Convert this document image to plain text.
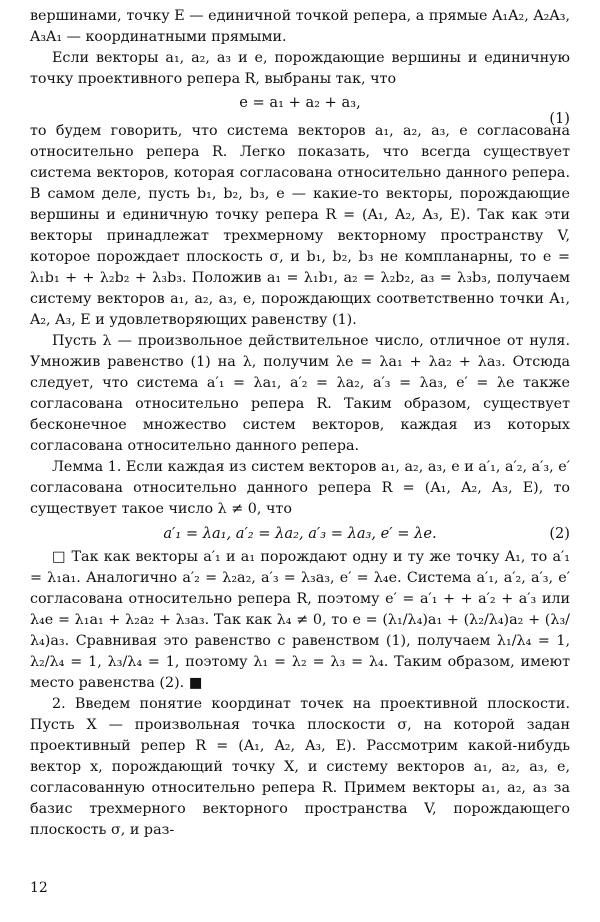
вершинами, точку E — единичной точкой репера, а прямые A₁A₂, A₂A₃, A₃A₁ — координатными прямыми.

Если векторы a₁, a₂, a₃ и e, порождающие вершины и единичную точку проективного репера R, выбраны так, что

e = a₁ + a₂ + a₃,
(1)

то будем говорить, что система векторов a₁, a₂, a₃, e согласована относительно репера R. Легко показать, что всегда существует система векторов, которая согласована относительно данного репера. В самом деле, пусть b₁, b₂, b₃, e — какие-то векторы, порождающие вершины и единичную точку репера R = (A₁, A₂, A₃, E). Так как эти векторы принадлежат трехмерному векторному пространству V, которое порождает плоскость σ, и b₁, b₂, b₃ не компланарны, то e = λ₁b₁ + + λ₂b₂ + λ₃b₃. Положив a₁ = λ₁b₁, a₂ = λ₂b₂, a₃ = λ₃b₃, получаем систему векторов a₁, a₂, a₃, e, порождающих соответственно точки A₁, A₂, A₃, E и удовлетворяющих равенству (1).

Пусть λ — произвольное действительное число, отличное от нуля. Умножив равенство (1) на λ, получим λe = λa₁ + λa₂ + λa₃. Отсюда следует, что система a′₁ = λa₁, a′₂ = λa₂, a′₃ = λa₃, e′ = λe также согласована относительно репера R. Таким образом, существует бесконечное множество систем векторов, каждая из которых согласована относительно данного репера.

Лемма 1. Если каждая из систем векторов a₁, a₂, a₃, e и a′₁, a′₂, a′₃, e′ согласована относительно данного репера R = (A₁, A₂, A₃, E), то существует такое число λ ≠ 0, что

a′₁ = λa₁, a′₂ = λa₂, a′₃ = λa₃, e′ = λe.	(2)

□ Так как векторы a′₁ и a₁ порождают одну и ту же точку A₁, то a′₁ = λ₁a₁. Аналогично a′₂ = λ₂a₂, a′₃ = λ₃a₃, e′ = λ₄e. Система a′₁, a′₂, a′₃, e′ согласована относительно репера R, поэтому e′ = a′₁ + + a′₂ + a′₃ или λ₄e = λ₁a₁ + λ₂a₂ + λ₃a₃. Так как λ₄ ≠ 0, то e = (λ₁/λ₄)a₁ + (λ₂/λ₄)a₂ + (λ₃/λ₄)a₃. Сравнивая это равенство с равенством (1), получаем λ₁/λ₄ = 1, λ₂/λ₄ = 1, λ₃/λ₄ = 1, поэтому λ₁ = λ₂ = λ₃ = λ₄. Таким образом, имеют место равенства (2). ■

2. Введем понятие координат точек на проективной плоскости. Пусть X — произвольная точка плоскости σ, на которой задан проективный репер R = (A₁, A₂, A₃, E). Рассмотрим какой-нибудь вектор x, порождающий точку X, и систему векторов a₁, a₂, a₃, e, согласованную относительно репера R. Примем векторы a₁, a₂, a₃ за базис трехмерного векторного пространства V, порождающего плоскость σ, и раз-

12
